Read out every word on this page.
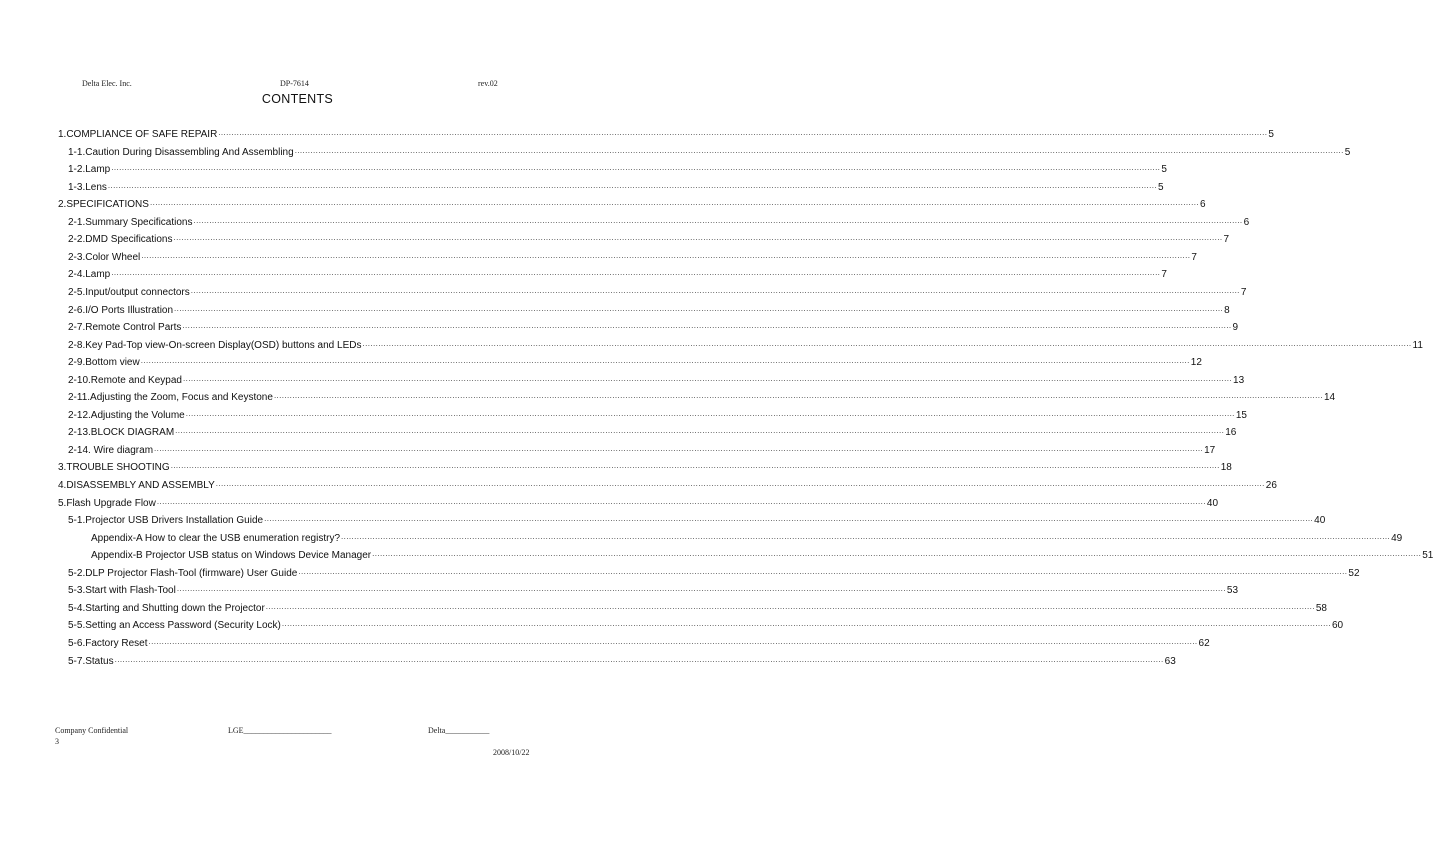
Delta Elec. Inc.	DP-7614	rev.02
CONTENTS
1.COMPLIANCE OF SAFE REPAIR ................................................................................................................................................................................................................................................................................................................................................................................................................ 5
1-1.Caution During Disassembling And Assembling ................................................................................................................................................................................................................................................................................................................................................................................................................ 5
1-2.Lamp ................................................................................................................................................................................................................................................................................................................................................................................................................ 5
1-3.Lens ................................................................................................................................................................................................................................................................................................................................................................................................................ 5
2.SPECIFICATIONS ................................................................................................................................................................................................................................................................................................................................................................................................................ 6
2-1.Summary Specifications ................................................................................................................................................................................................................................................................................................................................................................................................................ 6
2-2.DMD Specifications ................................................................................................................................................................................................................................................................................................................................................................................................................ 7
2-3.Color Wheel ................................................................................................................................................................................................................................................................................................................................................................................................................ 7
2-4.Lamp ................................................................................................................................................................................................................................................................................................................................................................................................................ 7
2-5.Input/output connectors ................................................................................................................................................................................................................................................................................................................................................................................................................ 7
2-6.I/O Ports Illustration ................................................................................................................................................................................................................................................................................................................................................................................................................ 8
2-7.Remote Control Parts ................................................................................................................................................................................................................................................................................................................................................................................................................ 9
2-8.Key Pad-Top view-On-screen Display(OSD) buttons and LEDs ................................................................................................................................................................................................................................................................................................................................................................................................................ 11
2-9.Bottom view ................................................................................................................................................................................................................................................................................................................................................................................................................ 12
2-10.Remote and Keypad ................................................................................................................................................................................................................................................................................................................................................................................................................ 13
2-11.Adjusting the Zoom, Focus and Keystone ................................................................................................................................................................................................................................................................................................................................................................................................................ 14
2-12.Adjusting the Volume ................................................................................................................................................................................................................................................................................................................................................................................................................ 15
2-13.BLOCK DIAGRAM ................................................................................................................................................................................................................................................................................................................................................................................................................ 16
2-14. Wire diagram ................................................................................................................................................................................................................................................................................................................................................................................................................ 17
3.TROUBLE SHOOTING ................................................................................................................................................................................................................................................................................................................................................................................................................ 18
4.DISASSEMBLY AND ASSEMBLY ................................................................................................................................................................................................................................................................................................................................................................................................................ 26
5.Flash Upgrade Flow ................................................................................................................................................................................................................................................................................................................................................................................................................ 40
5-1.Projector USB Drivers Installation Guide ................................................................................................................................................................................................................................................................................................................................................................................................................ 40
Appendix-A How to clear the USB enumeration registry? ................................................................................................................................................................................................................................................................................................................................................................................................................ 49
Appendix-B Projector USB status on Windows Device Manager ................................................................................................................................................................................................................................................................................................................................................................................................................ 51
5-2.DLP Projector Flash-Tool (firmware) User Guide ................................................................................................................................................................................................................................................................................................................................................................................................................ 52
5-3.Start with Flash-Tool ................................................................................................................................................................................................................................................................................................................................................................................................................ 53
5-4.Starting and Shutting down the Projector ................................................................................................................................................................................................................................................................................................................................................................................................................ 58
5-5.Setting an Access Password (Security Lock) ................................................................................................................................................................................................................................................................................................................................................................................................................ 60
5-6.Factory Reset ................................................................................................................................................................................................................................................................................................................................................................................................................ 62
5-7.Status ................................................................................................................................................................................................................................................................................................................................................................................................................ 63
Company Confidential	LGE______________________	Delta___________
3
2008/10/22
